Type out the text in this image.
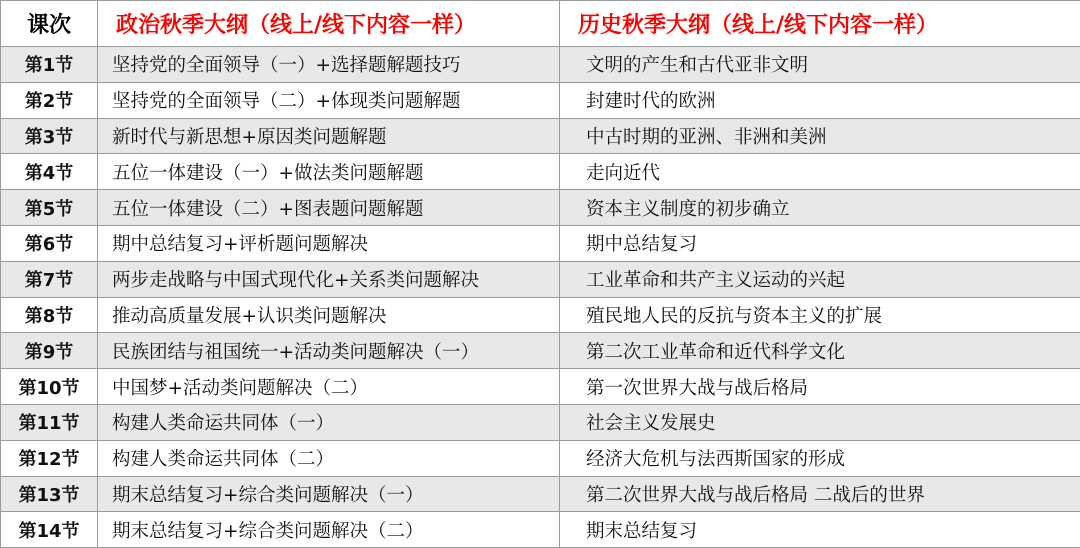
课次	政治秋季大纲（线上/线下内容一样）	历史秋季大纲（线上/线下内容一样）
第1节	坚持党的全面领导（一）+选择题解题技巧	文明的产生和古代亚非文明
第2节	坚持党的全面领导（二）+体现类问题解题	封建时代的欧洲
第3节	新时代与新思想+原因类问题解题	中古时期的亚洲、非洲和美洲
第4节	五位一体建设（一）+做法类问题解题	走向近代
第5节	五位一体建设（二）+图表题问题解题	资本主义制度的初步确立
第6节	期中总结复习+评析题问题解决	期中总结复习
第7节	两步走战略与中国式现代化+关系类问题解决	工业革命和共产主义运动的兴起
第8节	推动高质量发展+认识类问题解决	殖民地人民的反抗与资本主义的扩展
第9节	民族团结与祖国统一+活动类问题解决（一）	第二次工业革命和近代科学文化
第10节	中国梦+活动类问题解决（二）	第一次世界大战与战后格局
第11节	构建人类命运共同体（一）	社会主义发展史
第12节	构建人类命运共同体（二）	经济大危机与法西斯国家的形成
第13节	期末总结复习+综合类问题解决（一）	第二次世界大战与战后格局 二战后的世界
第14节	期末总结复习+综合类问题解决（二）	期末总结复习
